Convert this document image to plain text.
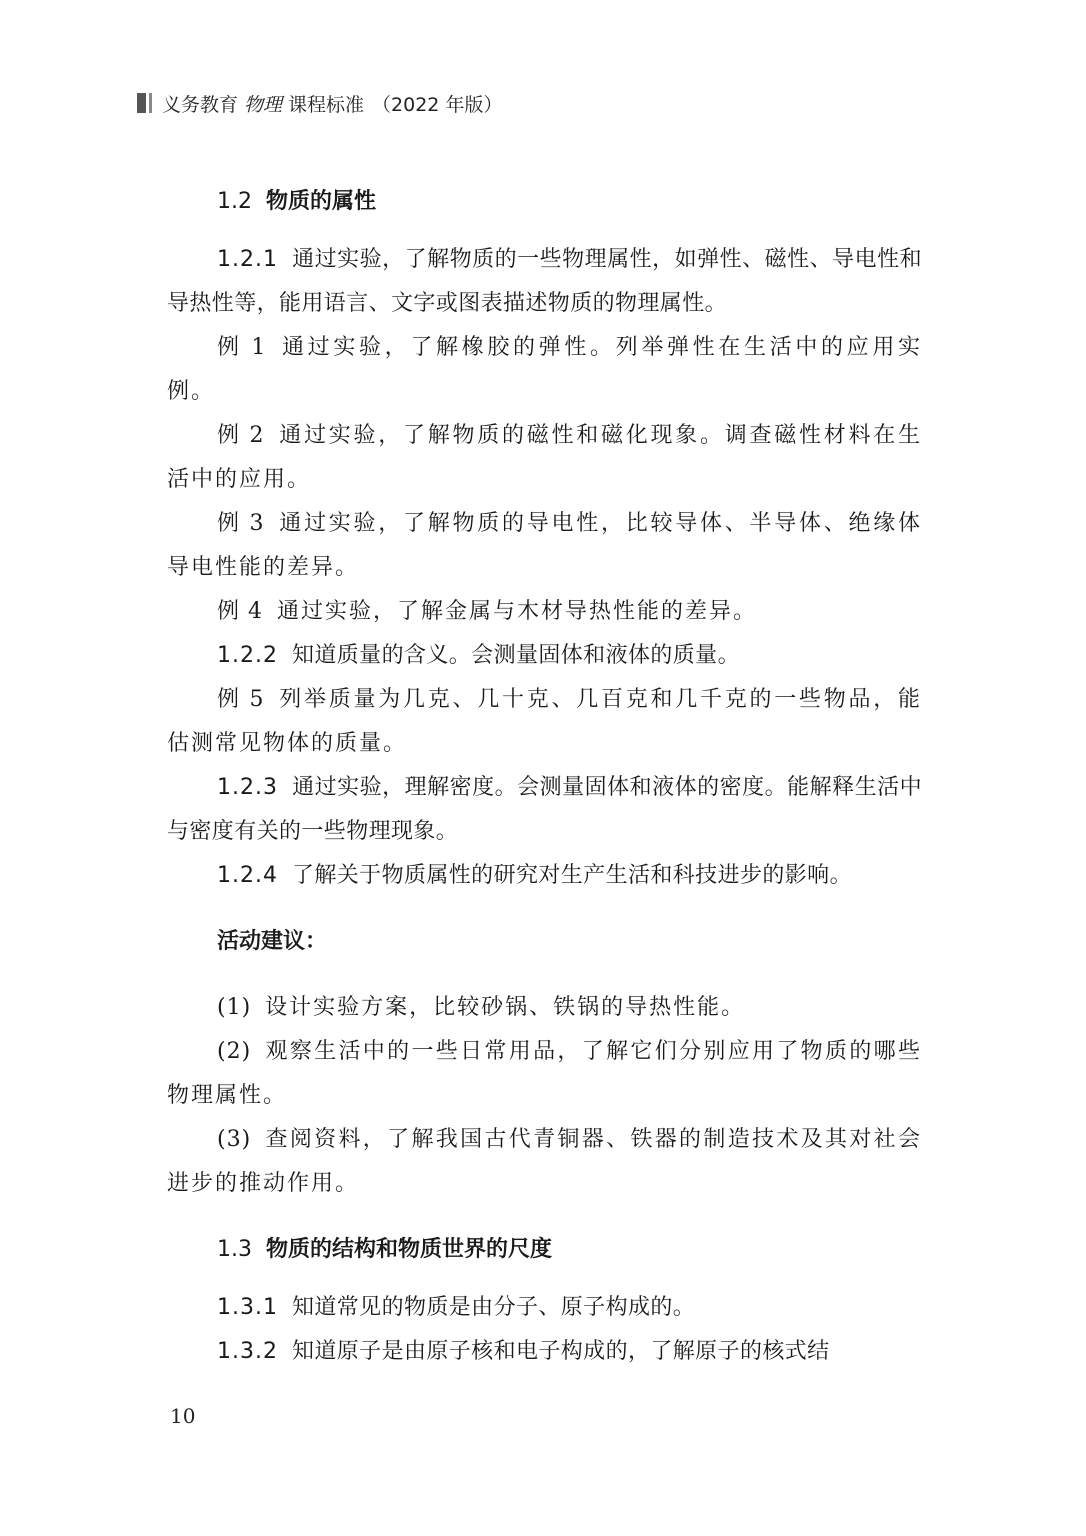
义务教育 物理 课程标准 （2022 年版）
1.2 物质的属性

1.2.1 通过实验，了解物质的一些物理属性，如弹性、磁性、导电性和导热性等，能用语言、文字或图表描述物质的物理属性。

例 1 通过实验，了解橡胶的弹性。列举弹性在生活中的应用实例。

例 2 通过实验，了解物质的磁性和磁化现象。调查磁性材料在生活中的应用。

例 3 通过实验，了解物质的导电性，比较导体、半导体、绝缘体导电性能的差异。

例 4 通过实验，了解金属与木材导热性能的差异。

1.2.2 知道质量的含义。会测量固体和液体的质量。

例 5 列举质量为几克、几十克、几百克和几千克的一些物品，能估测常见物体的质量。

1.2.3 通过实验，理解密度。会测量固体和液体的密度。能解释生活中与密度有关的一些物理现象。

1.2.4 了解关于物质属性的研究对生产生活和科技进步的影响。

活动建议：

(1) 设计实验方案，比较砂锅、铁锅的导热性能。

(2) 观察生活中的一些日常用品，了解它们分别应用了物质的哪些物理属性。

(3) 查阅资料，了解我国古代青铜器、铁器的制造技术及其对社会进步的推动作用。

1.3 物质的结构和物质世界的尺度

1.3.1 知道常见的物质是由分子、原子构成的。

1.3.2 知道原子是由原子核和电子构成的，了解原子的核式结

10
